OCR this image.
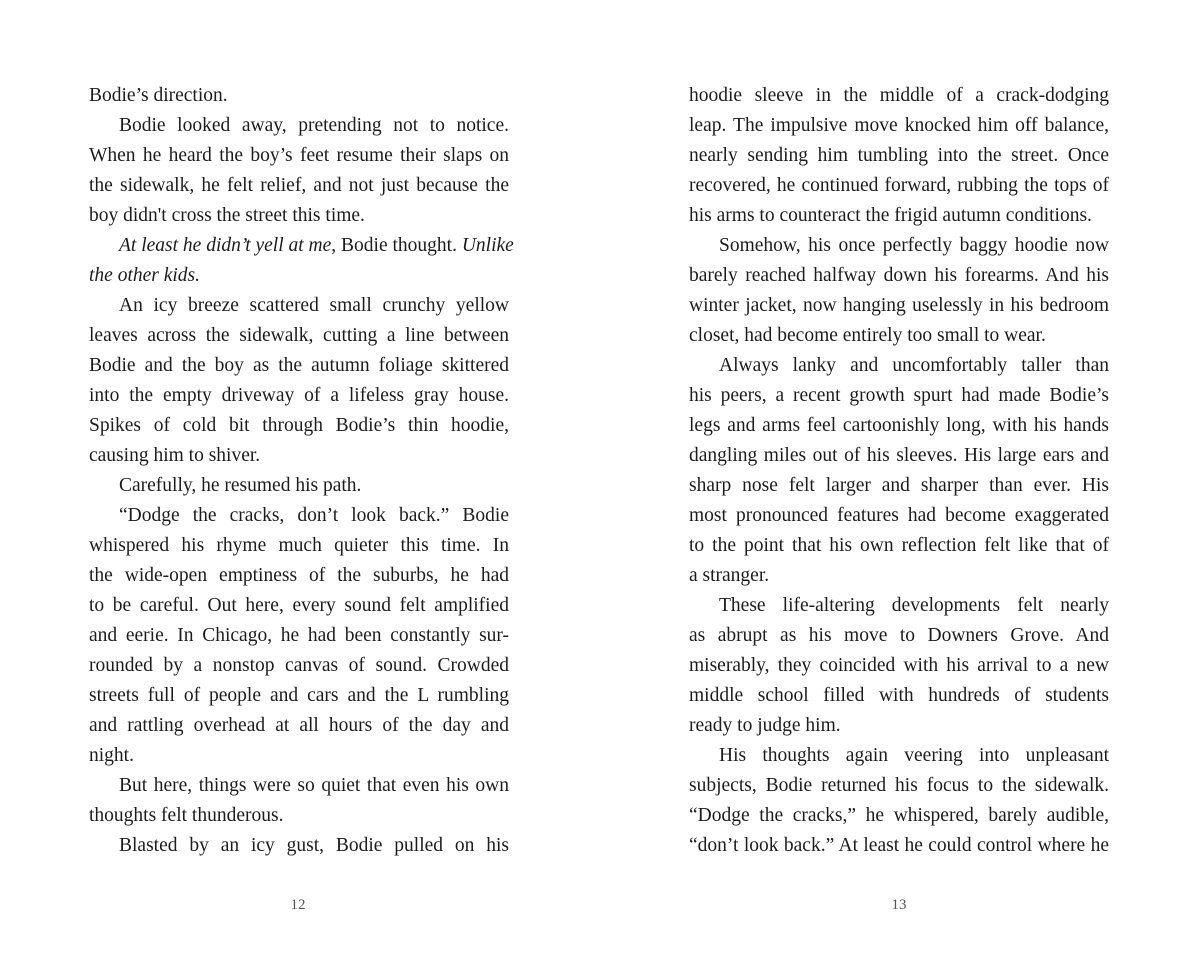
Bodie’s direction.
Bodie looked away, pretending not to notice.
When he heard the boy’s feet resume their slaps on
the sidewalk, he felt relief, and not just because the
boy didn't cross the street this time.
At least he didn’t yell at me, Bodie thought. Unlike
the other kids.
An icy breeze scattered small crunchy yellow
leaves across the sidewalk, cutting a line between
Bodie and the boy as the autumn foliage skittered
into the empty driveway of a lifeless gray house.
Spikes of cold bit through Bodie’s thin hoodie,
causing him to shiver.
Carefully, he resumed his path.
“Dodge the cracks, don’t look back.” Bodie
whispered his rhyme much quieter this time. In
the wide-open emptiness of the suburbs, he had
to be careful. Out here, every sound felt amplified
and eerie. In Chicago, he had been constantly sur-
rounded by a nonstop canvas of sound. Crowded
streets full of people and cars and the L rumbling
and rattling overhead at all hours of the day and
night.
But here, things were so quiet that even his own
thoughts felt thunderous.
Blasted by an icy gust, Bodie pulled on his
hoodie sleeve in the middle of a crack-dodging
leap. The impulsive move knocked him off balance,
nearly sending him tumbling into the street. Once
recovered, he continued forward, rubbing the tops of
his arms to counteract the frigid autumn conditions.
Somehow, his once perfectly baggy hoodie now
barely reached halfway down his forearms. And his
winter jacket, now hanging uselessly in his bedroom
closet, had become entirely too small to wear.
Always lanky and uncomfortably taller than
his peers, a recent growth spurt had made Bodie’s
legs and arms feel cartoonishly long, with his hands
dangling miles out of his sleeves. His large ears and
sharp nose felt larger and sharper than ever. His
most pronounced features had become exaggerated
to the point that his own reflection felt like that of
a stranger.
These life-altering developments felt nearly
as abrupt as his move to Downers Grove. And
miserably, they coincided with his arrival to a new
middle school filled with hundreds of students
ready to judge him.
His thoughts again veering into unpleasant
subjects, Bodie returned his focus to the sidewalk.
“Dodge the cracks,” he whispered, barely audible,
“don’t look back.” At least he could control where he
12	13
